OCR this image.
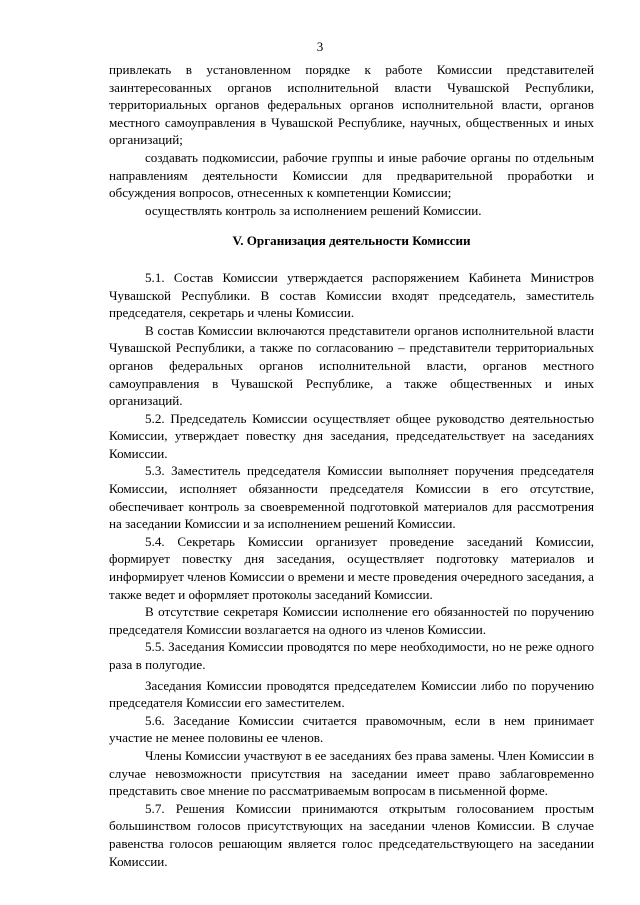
3

привлекать в установленном порядке к работе Комиссии представителей заинтересованных органов исполнительной власти Чувашской Республики, территориальных органов федеральных органов исполнительной власти, органов местного самоуправления в Чувашской Республике, научных, общественных и иных организаций;

создавать подкомиссии, рабочие группы и иные рабочие органы по отдельным направлениям деятельности Комиссии для предварительной проработки и обсуждения вопросов, отнесенных к компетенции Комиссии;

осуществлять контроль за исполнением решений Комиссии.

V. Организация деятельности Комиссии

5.1. Состав Комиссии утверждается распоряжением Кабинета Министров Чувашской Республики. В состав Комиссии входят председатель, заместитель председателя, секретарь и члены Комиссии.

В состав Комиссии включаются представители органов исполнительной власти Чувашской Республики, а также по согласованию – представители территориальных органов федеральных органов исполнительной власти, органов местного самоуправления в Чувашской Республике, а также общественных и иных организаций.

5.2. Председатель Комиссии осуществляет общее руководство деятельностью Комиссии, утверждает повестку дня заседания, председательствует на заседаниях Комиссии.

5.3. Заместитель председателя Комиссии выполняет поручения председателя Комиссии, исполняет обязанности председателя Комиссии в его отсутствие, обеспечивает контроль за своевременной подготовкой материалов для рассмотрения на заседании Комиссии и за исполнением решений Комиссии.

5.4. Секретарь Комиссии организует проведение заседаний Комиссии, формирует повестку дня заседания, осуществляет подготовку материалов и информирует членов Комиссии о времени и месте проведения очередного заседания, а также ведет и оформляет протоколы заседаний Комиссии.

В отсутствие секретаря Комиссии исполнение его обязанностей по поручению председателя Комиссии возлагается на одного из членов Комиссии.

5.5. Заседания Комиссии проводятся по мере необходимости, но не реже одного раза в полугодие.

Заседания Комиссии проводятся председателем Комиссии либо по поручению председателя Комиссии его заместителем.

5.6. Заседание Комиссии считается правомочным, если в нем принимает участие не менее половины ее членов.

Члены Комиссии участвуют в ее заседаниях без права замены. Член Комиссии в случае невозможности присутствия на заседании имеет право заблаговременно представить свое мнение по рассматриваемым вопросам в письменной форме.

5.7. Решения Комиссии принимаются открытым голосованием простым большинством голосов присутствующих на заседании членов Комиссии. В случае равенства голосов решающим является голос председательствующего на заседании Комиссии.
